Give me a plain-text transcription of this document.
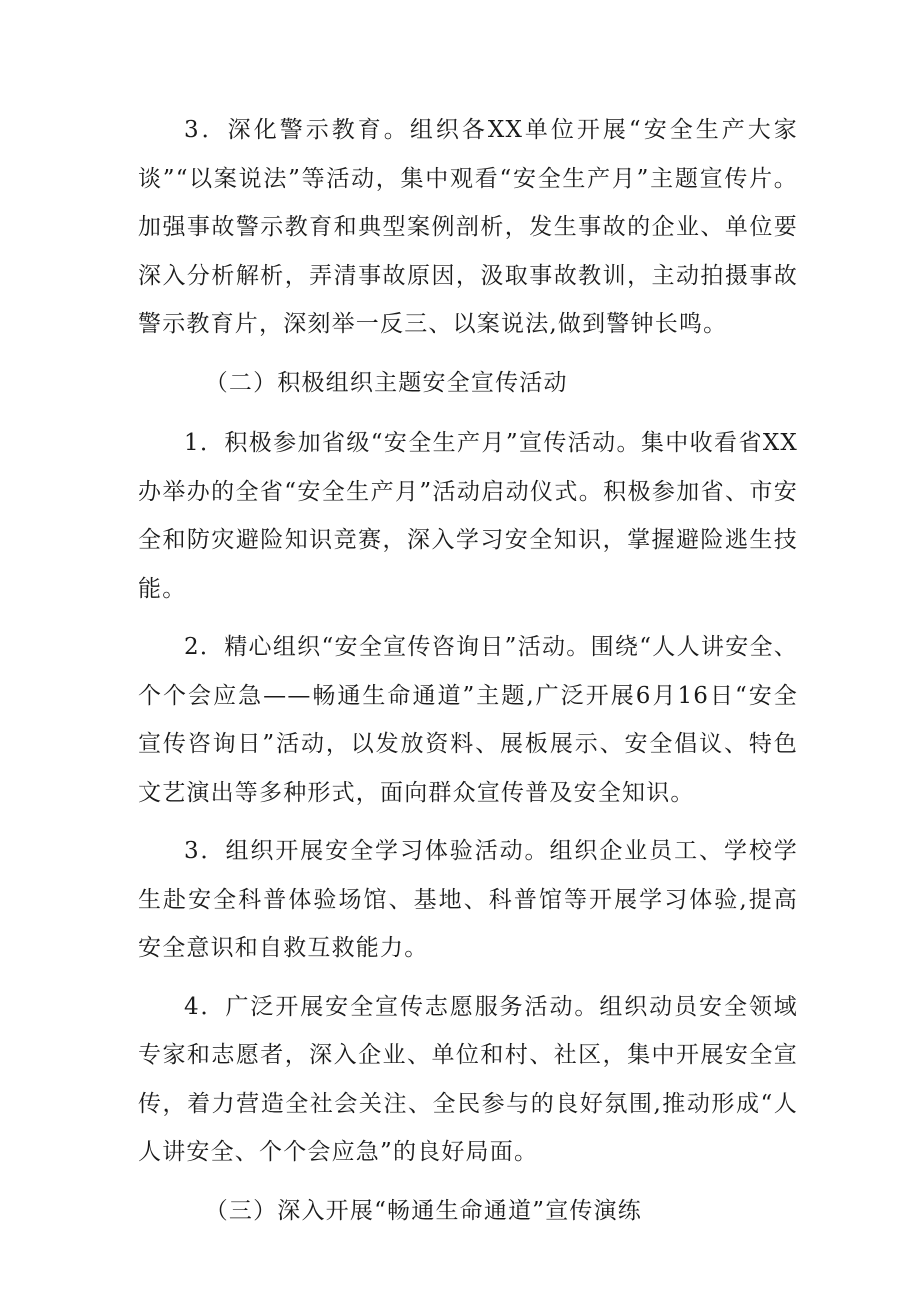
3．深化警示教育。组织各XX单位开展“安全生产大家谈”“以案说法”等活动，集中观看“安全生产月”主题宣传片。加强事故警示教育和典型案例剖析，发生事故的企业、单位要深入分析解析，弄清事故原因，汲取事故教训，主动拍摄事故警示教育片，深刻举一反三、以案说法,做到警钟长鸣。

（二）积极组织主题安全宣传活动

1．积极参加省级“安全生产月”宣传活动。集中收看省XX办举办的全省“安全生产月”活动启动仪式。积极参加省、市安全和防灾避险知识竞赛，深入学习安全知识，掌握避险逃生技能。

2．精心组织“安全宣传咨询日”活动。围绕“人人讲安全、个个会应急——畅通生命通道”主题,广泛开展6月16日“安全宣传咨询日”活动，以发放资料、展板展示、安全倡议、特色文艺演出等多种形式，面向群众宣传普及安全知识。

3．组织开展安全学习体验活动。组织企业员工、学校学生赴安全科普体验场馆、基地、科普馆等开展学习体验,提高安全意识和自救互救能力。

4．广泛开展安全宣传志愿服务活动。组织动员安全领域专家和志愿者，深入企业、单位和村、社区，集中开展安全宣传，着力营造全社会关注、全民参与的良好氛围,推动形成“人人讲安全、个个会应急”的良好局面。

（三）深入开展“畅通生命通道”宣传演练
